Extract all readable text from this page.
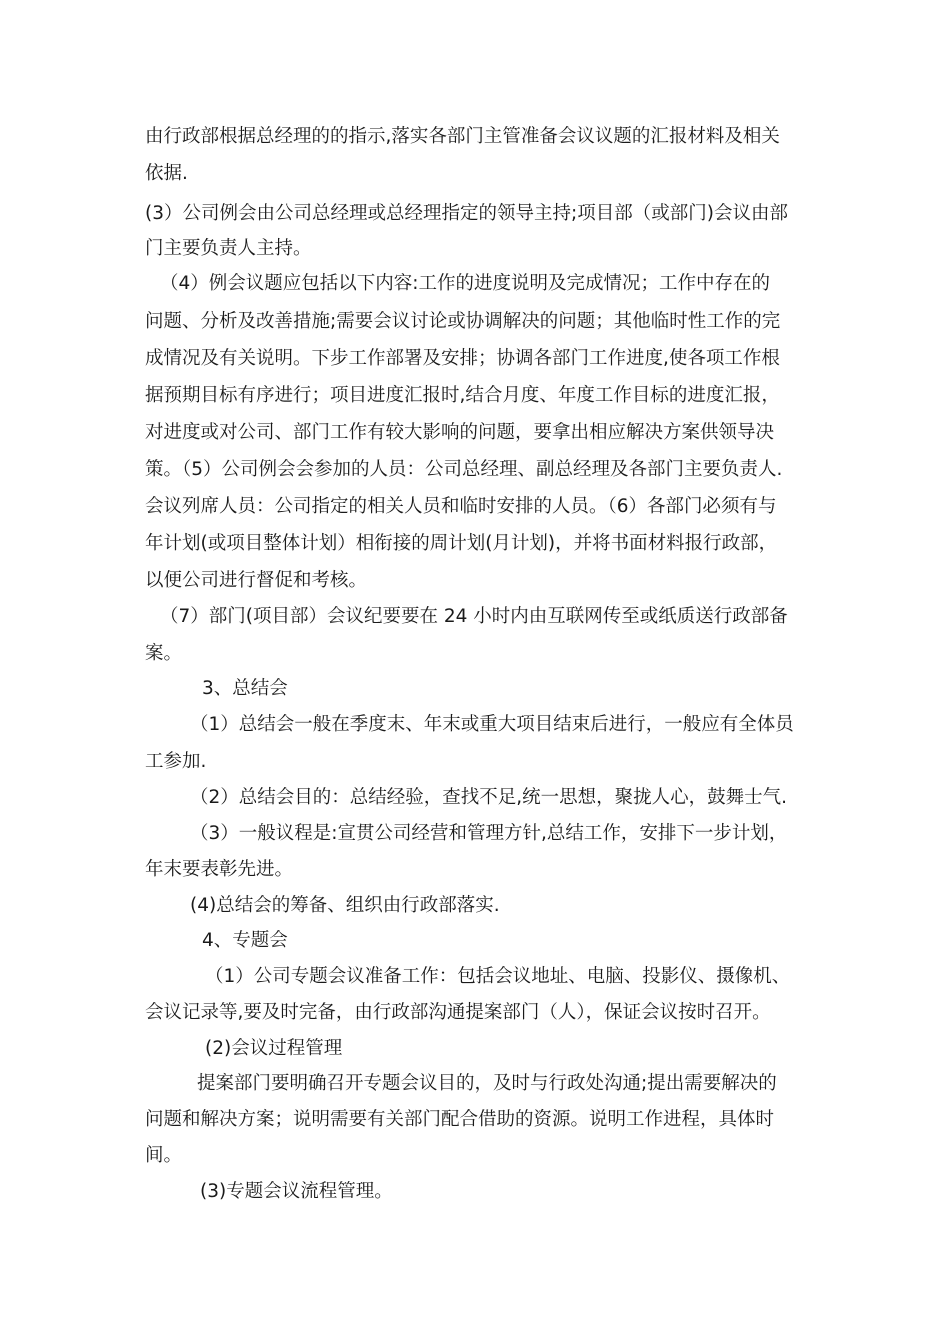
由行政部根据总经理的的指示,落实各部门主管准备会议议题的汇报材料及相关
依据.
(3）公司例会由公司总经理或总经理指定的领导主持;项目部（或部门)会议由部
门主要负责人主持。
（4）例会议题应包括以下内容:工作的进度说明及完成情况；工作中存在的
问题、分析及改善措施;需要会议讨论或协调解决的问题；其他临时性工作的完
成情况及有关说明。下步工作部署及安排；协调各部门工作进度,使各项工作根
据预期目标有序进行；项目进度汇报时,结合月度、年度工作目标的进度汇报，
对进度或对公司、部门工作有较大影响的问题，要拿出相应解决方案供领导决
策。（5）公司例会会参加的人员：公司总经理、副总经理及各部门主要负责人.
会议列席人员：公司指定的相关人员和临时安排的人员。（6）各部门必须有与
年计划(或项目整体计划）相衔接的周计划(月计划)，并将书面材料报行政部，
以便公司进行督促和考核。
（7）部门(项目部）会议纪要要在 24 小时内由互联网传至或纸质送行政部备
案。
3、总结会
（1）总结会一般在季度末、年末或重大项目结束后进行，一般应有全体员
工参加.
（2）总结会目的：总结经验，查找不足,统一思想，聚拢人心，鼓舞士气.
（3）一般议程是:宣贯公司经营和管理方针,总结工作，安排下一步计划，
年末要表彰先进。
(4)总结会的筹备、组织由行政部落实.
4、专题会
（1）公司专题会议准备工作：包括会议地址、电脑、投影仪、摄像机、
会议记录等,要及时完备，由行政部沟通提案部门（人），保证会议按时召开。
(2)会议过程管理
提案部门要明确召开专题会议目的，及时与行政处沟通;提出需要解决的
问题和解决方案；说明需要有关部门配合借助的资源。说明工作进程，具体时
间。
(3)专题会议流程管理。
